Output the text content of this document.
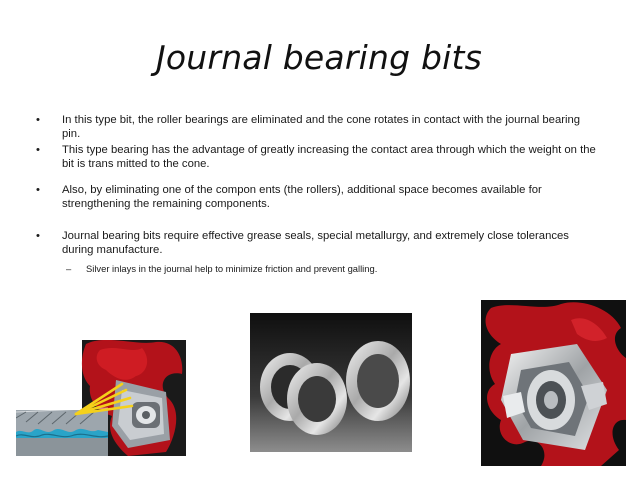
Journal bearing bits
• In this type bit, the roller bearings are eliminated and the cone rotates in contact with the journal bearing pin.
• This type bearing has the advantage of greatly increasing the contact area through which the weight on the bit is trans mitted to the cone.
• Also, by eliminating one of the compon ents (the rollers), additional space becomes available for strengthening the remaining components.
• Journal bearing bits require effective grease seals, special metallurgy, and extremely close tolerances during manufacture.
– Silver inlays in the journal help to minimize friction and prevent galling.
